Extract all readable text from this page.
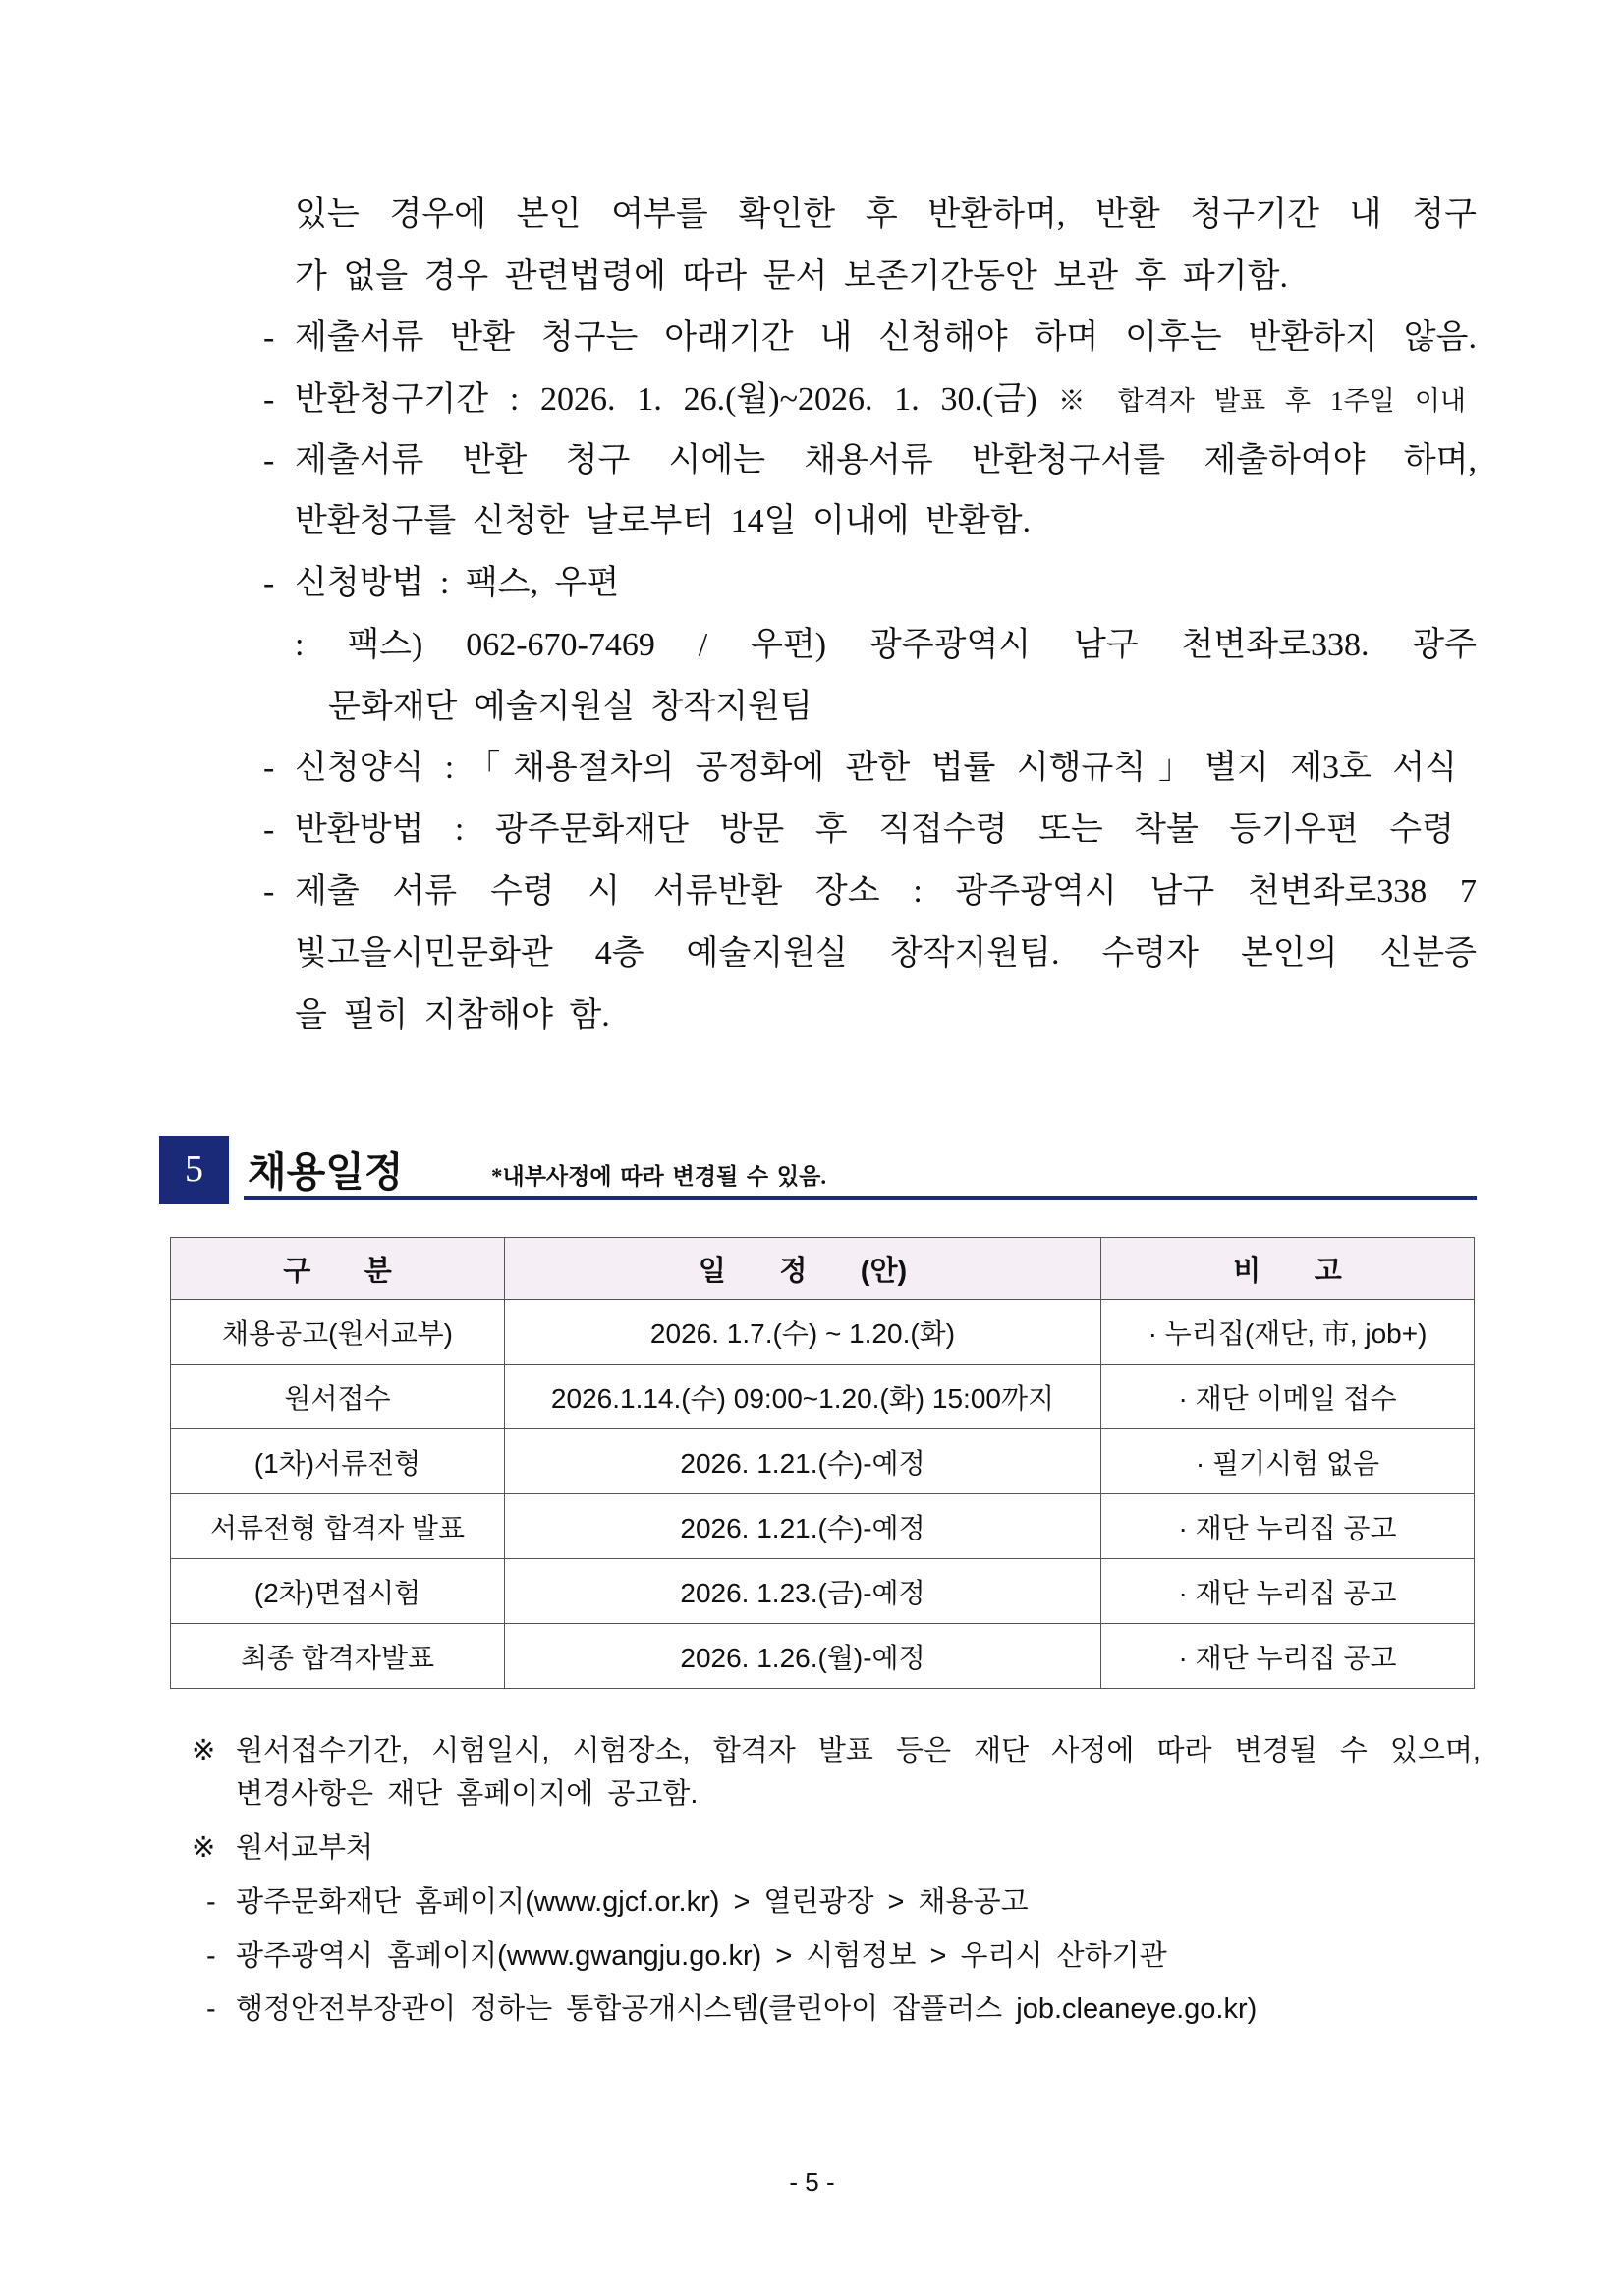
있는 경우에 본인 여부를 확인한 후 반환하며, 반환 청구기간 내 청구
가 없을 경우 관련법령에 따라 문서 보존기간동안 보관 후 파기함.
- 제출서류 반환 청구는 아래기간 내 신청해야 하며 이후는 반환하지 않음.
- 반환청구기간 : 2026. 1. 26.(월)~2026. 1. 30.(금) ※ 합격자 발표 후 1주일 이내
- 제출서류 반환 청구 시에는 채용서류 반환청구서를 제출하여야 하며,
반환청구를 신청한 날로부터 14일 이내에 반환함.
- 신청방법 : 팩스, 우편
: 팩스) 062-670-7469 / 우편) 광주광역시 남구 천변좌로338. 광주
문화재단 예술지원실 창작지원팀
- 신청양식 :「채용절차의 공정화에 관한 법률 시행규칙」별지 제3호 서식
- 반환방법 : 광주문화재단 방문 후 직접수령 또는 착불 등기우편 수령
- 제출 서류 수령 시 서류반환 장소 : 광주광역시 남구 천변좌로338 7
빛고을시민문화관 4층 예술지원실 창작지원팀. 수령자 본인의 신분증
을 필히 지참해야 함.
5	채용일정	*내부사정에 따라 변경될 수 있음.
구 분	일 정 (안)	비 고
채용공고(원서교부)	2026. 1.7.(수) ~ 1.20.(화)	· 누리집(재단, 市, job+)
원서접수	2026.1.14.(수) 09:00~1.20.(화) 15:00까지	· 재단 이메일 접수
(1차)서류전형	2026. 1.21.(수)-예정	· 필기시험 없음
서류전형 합격자 발표	2026. 1.21.(수)-예정	· 재단 누리집 공고
(2차)면접시험	2026. 1.23.(금)-예정	· 재단 누리집 공고
최종 합격자발표	2026. 1.26.(월)-예정	· 재단 누리집 공고
※ 원서접수기간, 시험일시, 시험장소, 합격자 발표 등은 재단 사정에 따라 변경될 수 있으며,
변경사항은 재단 홈페이지에 공고함.
※ 원서교부처
- 광주문화재단 홈페이지(www.gjcf.or.kr) > 열린광장 > 채용공고
- 광주광역시 홈페이지(www.gwangju.go.kr) > 시험정보 > 우리시 산하기관
- 행정안전부장관이 정하는 통합공개시스템(클린아이 잡플러스 job.cleaneye.go.kr)
- 5 -
